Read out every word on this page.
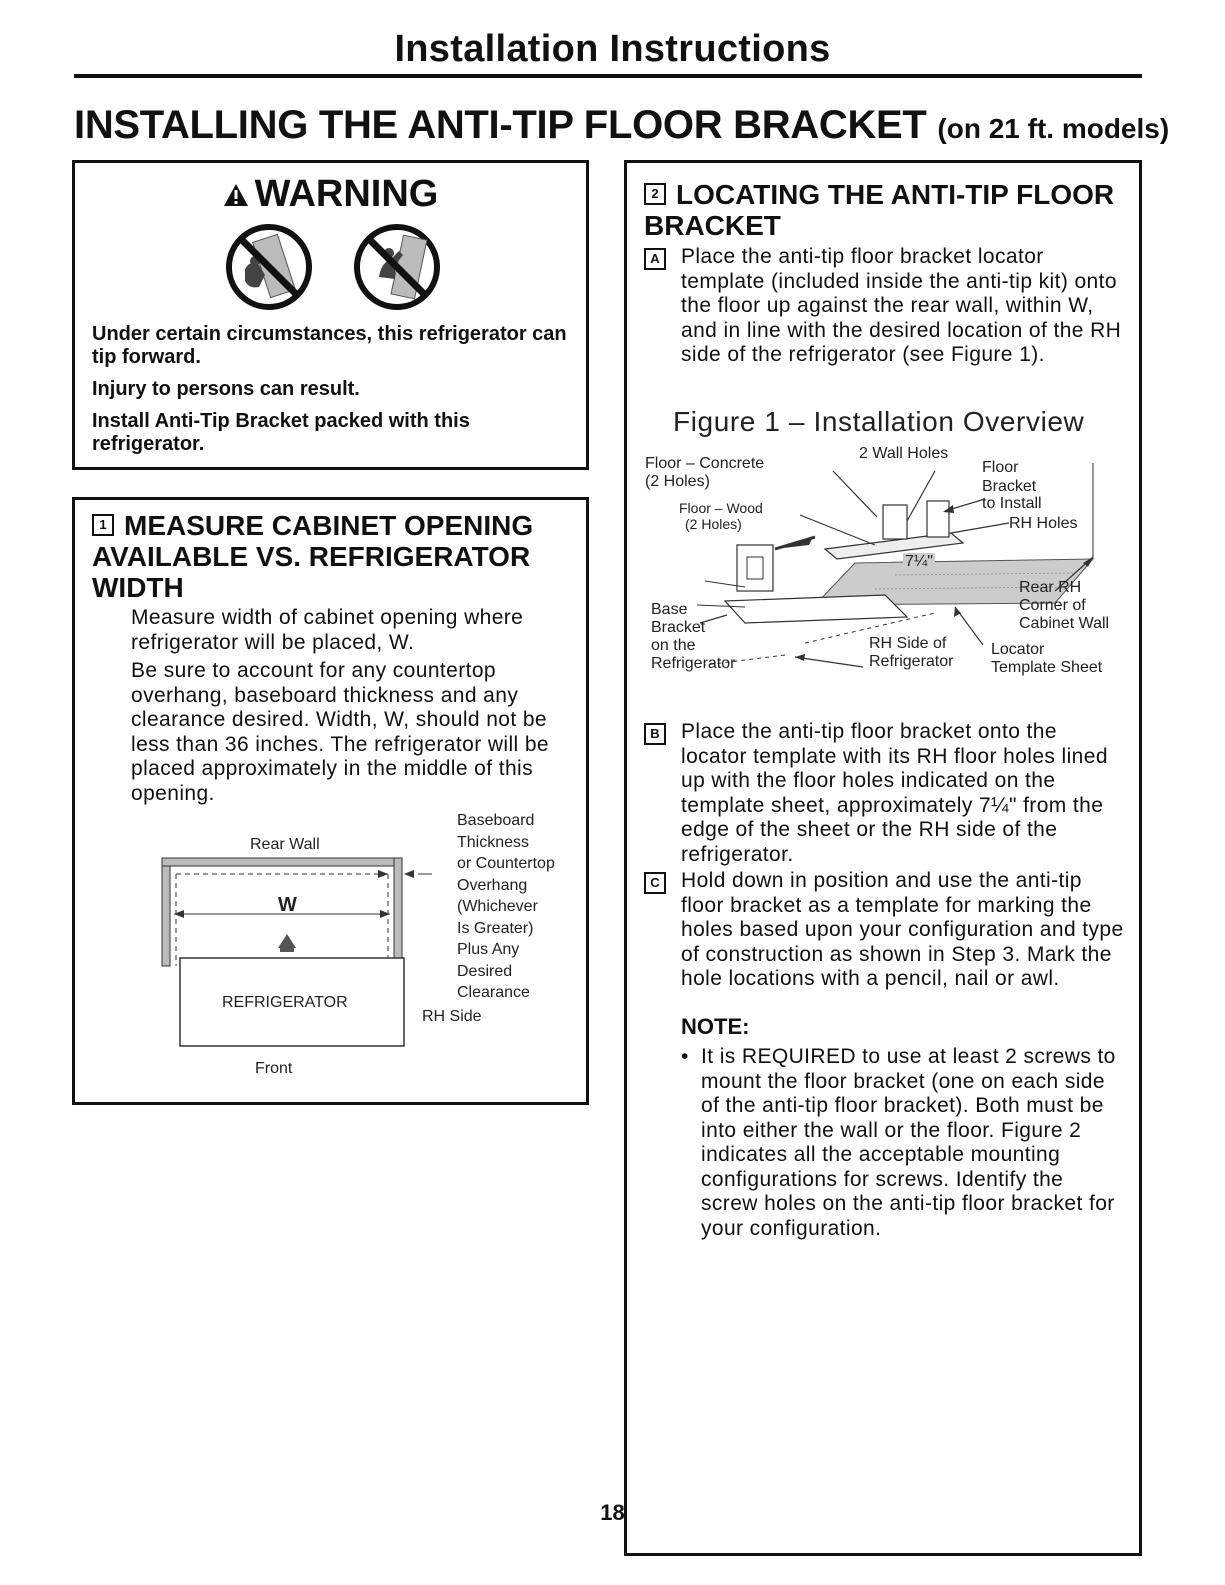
Installation Instructions
INSTALLING THE ANTI-TIP FLOOR BRACKET (on 21 ft. models)
WARNING
Under certain circumstances, this refrigerator can tip forward.
Injury to persons can result.
Install Anti-Tip Bracket packed with this refrigerator.
1 MEASURE CABINET OPENING AVAILABLE VS. REFRIGERATOR WIDTH
Measure width of cabinet opening where refrigerator will be placed, W.
Be sure to account for any countertop overhang, baseboard thickness and any clearance desired. Width, W, should not be less than 36 inches. The refrigerator will be placed approximately in the middle of this opening.
Rear Wall
W
REFRIGERATOR
Front
RH Side
Baseboard
Thickness
or Countertop
Overhang
(Whichever
Is Greater)
Plus Any
Desired
Clearance
2 LOCATING THE ANTI-TIP FLOOR BRACKET
A	Place the anti-tip floor bracket locator template (included inside the anti-tip kit) onto the floor up against the rear wall, within W, and in line with the desired location of the RH side of the refrigerator (see Figure 1).
Figure 1 – Installation Overview
Floor – Concrete
(2 Holes)
Floor – Wood
(2 Holes)
2 Wall Holes
Floor
Bracket
to Install
RH Holes
7¼"
Base
Bracket
on the
Refrigerator
RH Side of
Refrigerator
Rear RH
Corner of
Cabinet Wall
Locator
Template Sheet
B	Place the anti-tip floor bracket onto the locator template with its RH floor holes lined up with the floor holes indicated on the template sheet, approximately 7¼" from the edge of the sheet or the RH side of the refrigerator.
C	Hold down in position and use the anti-tip floor bracket as a template for marking the holes based upon your configuration and type of construction as shown in Step 3. Mark the hole locations with a pencil, nail or awl.
NOTE:
• It is REQUIRED to use at least 2 screws to mount the floor bracket (one on each side of the anti-tip floor bracket). Both must be into either the wall or the floor. Figure 2 indicates all the acceptable mounting configurations for screws. Identify the screw holes on the anti-tip floor bracket for your configuration.
18
